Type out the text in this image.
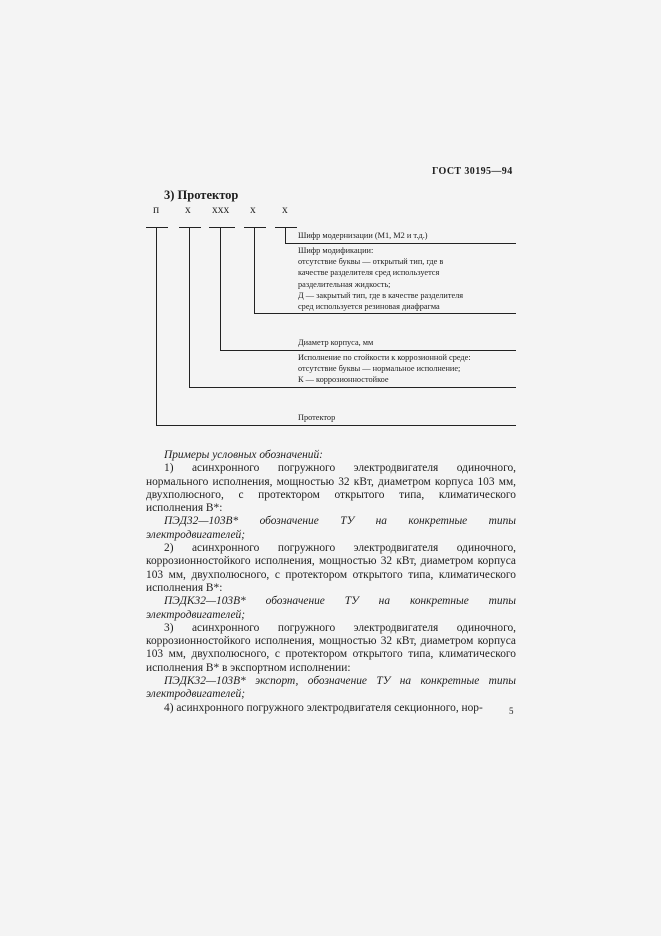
ГОСТ 30195—94
3) Протектор
п х ххх х х
Шифр модернизации (М1, М2 и т.д.)
Шифр модификации:
отсутствие буквы — открытый тип, где в
качестве разделителя сред используется
разделительная жидкость;
Д — закрытый тип, где в качестве разделителя
сред используется резиновая диафрагма
Диаметр корпуса, мм
Исполнение по стойкости к коррозионной среде:
отсутствие буквы — нормальное исполнение;
К — коррозионностойкое
Протектор

Примеры условных обозначений:

1) асинхронного погружного электродвигателя одиночного, нормального исполнения, мощностью 32 кВт, диаметром корпуса 103 мм, двухполюсного, с протектором открытого типа, климатического исполнения В*:

ПЭД32—103В* обозначение ТУ на конкретные типы электродвигателей;

2) асинхронного погружного электродвигателя одиночного, коррозионностойкого исполнения, мощностью 32 кВт, диаметром корпуса 103 мм, двухполюсного, с протектором открытого типа, климатического исполнения В*:

ПЭДК32—103В* обозначение ТУ на конкретные типы электродвигателей;

3) асинхронного погружного электродвигателя одиночного, коррозионностойкого исполнения, мощностью 32 кВт, диаметром корпуса 103 мм, двухполюсного, с протектором открытого типа, климатического исполнения В* в экспортном исполнении:

ПЭДК32—103В* экспорт, обозначение ТУ на конкретные типы электродвигателей;

4) асинхронного погружного электродвигателя секционного, нор-	5
